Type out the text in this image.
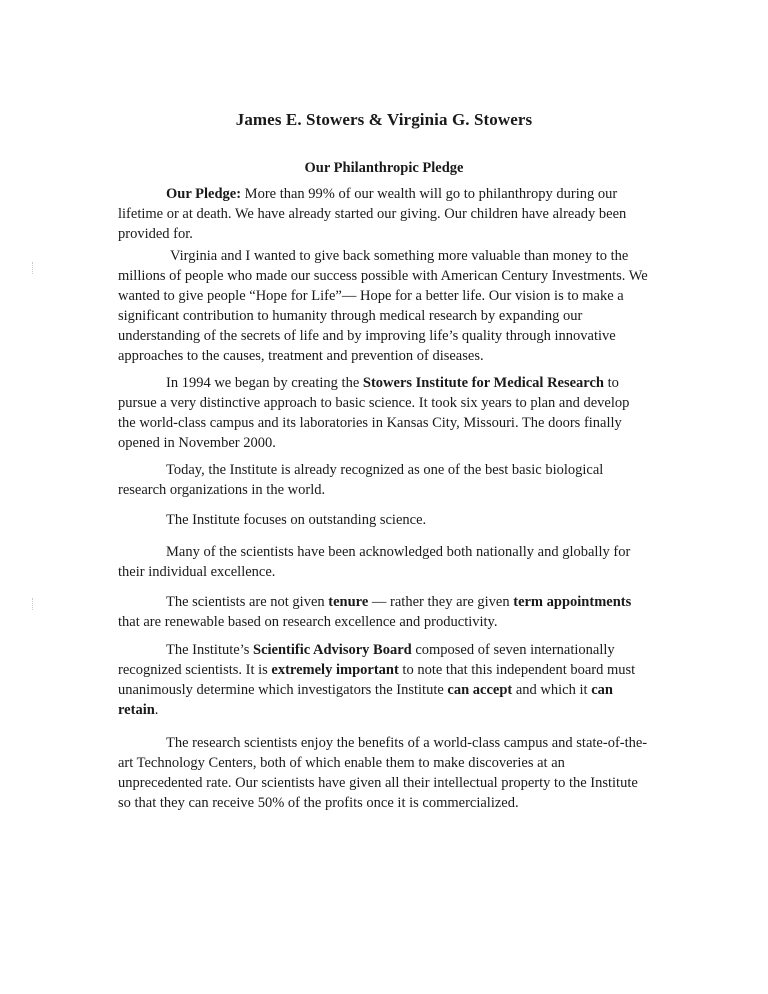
James E. Stowers & Virginia G. Stowers
Our Philanthropic Pledge

Our Pledge: More than 99% of our wealth will go to philanthropy during our lifetime or at death. We have already started our giving. Our children have already been provided for.

Virginia and I wanted to give back something more valuable than money to the millions of people who made our success possible with American Century Investments. We wanted to give people “Hope for Life”— Hope for a better life. Our vision is to make a significant contribution to humanity through medical research by expanding our understanding of the secrets of life and by improving life’s quality through innovative approaches to the causes, treatment and prevention of diseases.

In 1994 we began by creating the Stowers Institute for Medical Research to pursue a very distinctive approach to basic science. It took six years to plan and develop the world-class campus and its laboratories in Kansas City, Missouri. The doors finally opened in November 2000.

Today, the Institute is already recognized as one of the best basic biological research organizations in the world.

The Institute focuses on outstanding science.

Many of the scientists have been acknowledged both nationally and globally for their individual excellence.

The scientists are not given tenure — rather they are given term appointments that are renewable based on research excellence and productivity.

The Institute’s Scientific Advisory Board composed of seven internationally recognized scientists. It is extremely important to note that this independent board must unanimously determine which investigators the Institute can accept and which it can retain.

The research scientists enjoy the benefits of a world-class campus and state-of-the-art Technology Centers, both of which enable them to make discoveries at an unprecedented rate. Our scientists have given all their intellectual property to the Institute so that they can receive 50% of the profits once it is commercialized.
